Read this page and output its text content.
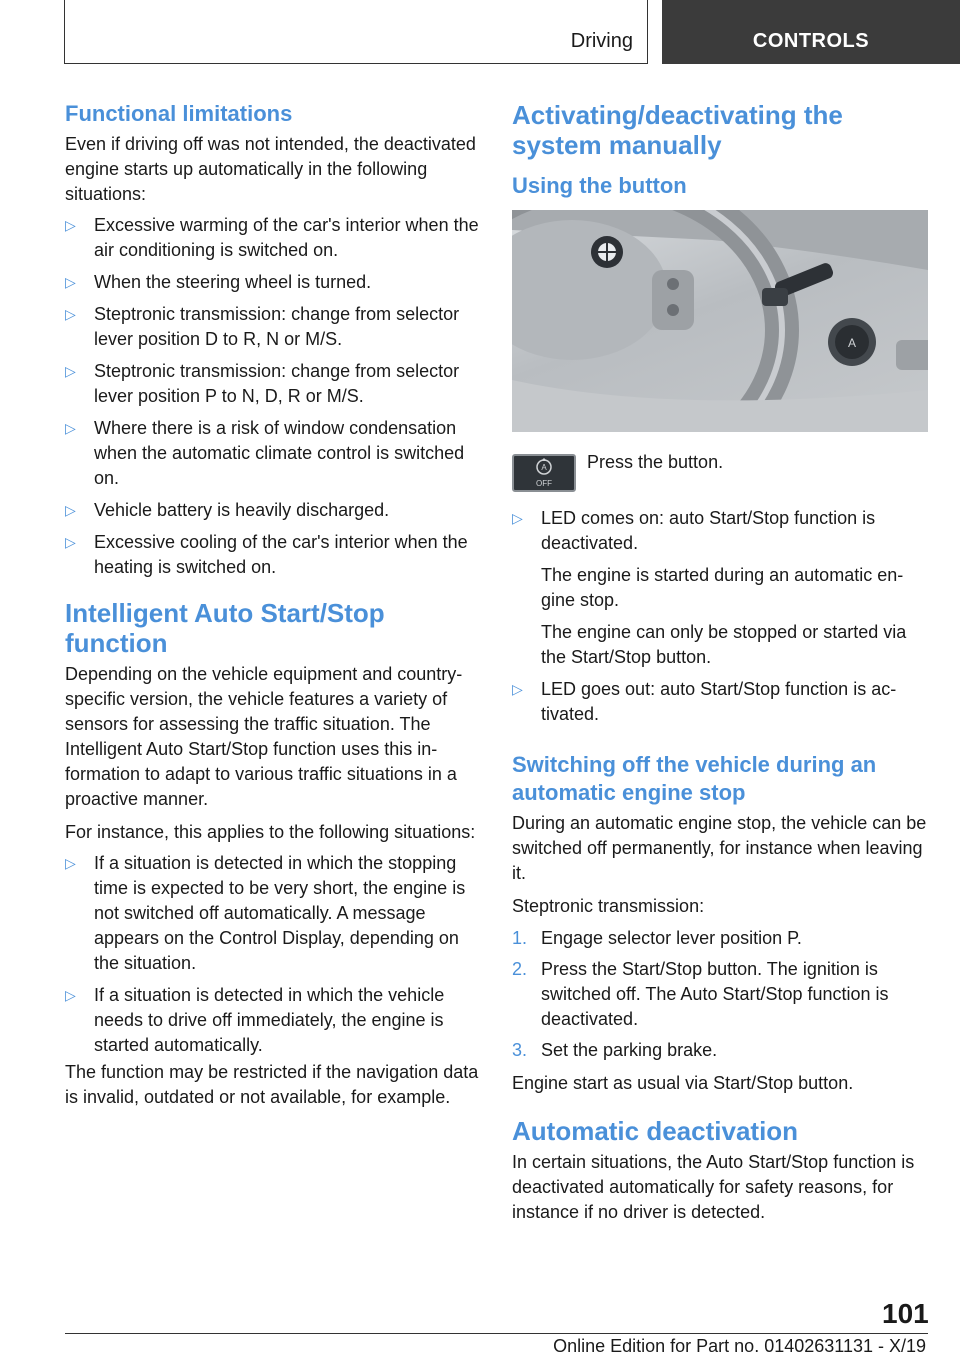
Driving	CONTROLS
Functional limitations

Even if driving off was not intended, the deactivated engine starts up automatically in the following situations:

▷ Excessive warming of the car's interior when the air conditioning is switched on.
▷ When the steering wheel is turned.
▷ Steptronic transmission: change from selector lever position D to R, N or M/S.
▷ Steptronic transmission: change from selector lever position P to N, D, R or M/S.
▷ Where there is a risk of window condensation when the automatic climate control is switched on.
▷ Vehicle battery is heavily discharged.
▷ Excessive cooling of the car's interior when the heating is switched on.
Intelligent Auto Start/Stop function

Depending on the vehicle equipment and country-specific version, the vehicle features a variety of sensors for assessing the traffic situation. The Intelligent Auto Start/Stop function uses this information to adapt to various traffic situations in a proactive manner.

For instance, this applies to the following situations:

▷ If a situation is detected in which the stopping time is expected to be very short, the engine is not switched off automatically. A message appears on the Control Display, depending on the situation.
▷ If a situation is detected in which the vehicle needs to drive off immediately, the engine is started automatically.

The function may be restricted if the navigation data is invalid, outdated or not available, for example.

Activating/deactivating the system manually
Using the button
A
A
OFF

Press the button.

▷ LED comes on: auto Start/Stop function is deactivated.
The engine is started during an automatic engine stop.
The engine can only be stopped or started via the Start/Stop button.
▷ LED goes out: auto Start/Stop function is activated.
Switching off the vehicle during an automatic engine stop

During an automatic engine stop, the vehicle can be switched off permanently, for instance when leaving it.

Steptronic transmission:

1. Engage selector lever position P.
2. Press the Start/Stop button. The ignition is switched off. The Auto Start/Stop function is deactivated.
3. Set the parking brake.

Engine start as usual via Start/Stop button.

Automatic deactivation

In certain situations, the Auto Start/Stop function is deactivated automatically for safety reasons, for instance if no driver is detected.

101
Online Edition for Part no. 01402631131 - X/19
